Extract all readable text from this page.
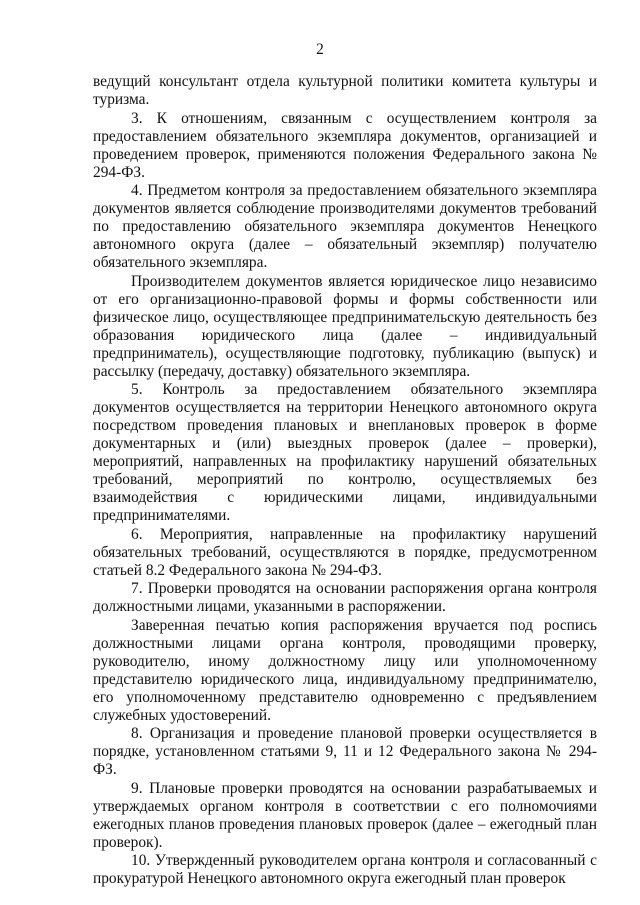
2

ведущий консультант отдела культурной политики комитета культуры и туризма.

3. К отношениям, связанным с осуществлением контроля за предоставлением обязательного экземпляра документов, организацией и проведением проверок, применяются положения Федерального закона № 294-ФЗ.

4. Предметом контроля за предоставлением обязательного экземпляра документов является соблюдение производителями документов требований по предоставлению обязательного экземпляра документов Ненецкого автономного округа (далее – обязательный экземпляр) получателю обязательного экземпляра.

Производителем документов является юридическое лицо независимо от его организационно-правовой формы и формы собственности или физическое лицо, осуществляющее предпринимательскую деятельность без образования юридического лица (далее – индивидуальный предприниматель), осуществляющие подготовку, публикацию (выпуск) и рассылку (передачу, доставку) обязательного экземпляра.

5. Контроль за предоставлением обязательного экземпляра документов осуществляется на территории Ненецкого автономного округа посредством проведения плановых и внеплановых проверок в форме документарных и (или) выездных проверок (далее – проверки), мероприятий, направленных на профилактику нарушений обязательных требований, мероприятий по контролю, осуществляемых без взаимодействия с юридическими лицами, индивидуальными предпринимателями.

6. Мероприятия, направленные на профилактику нарушений обязательных требований, осуществляются в порядке, предусмотренном статьей 8.2 Федерального закона № 294-ФЗ.

7. Проверки проводятся на основании распоряжения органа контроля должностными лицами, указанными в распоряжении.

Заверенная печатью копия распоряжения вручается под роспись должностными лицами органа контроля, проводящими проверку, руководителю, иному должностному лицу или уполномоченному представителю юридического лица, индивидуальному предпринимателю, его уполномоченному представителю одновременно с предъявлением служебных удостоверений.

8. Организация и проведение плановой проверки осуществляется в порядке, установленном статьями 9, 11 и 12 Федерального закона № 294-ФЗ.

9. Плановые проверки проводятся на основании разрабатываемых и утверждаемых органом контроля в соответствии с его полномочиями ежегодных планов проведения плановых проверок (далее – ежегодный план проверок).

10. Утвержденный руководителем органа контроля и согласованный с прокуратурой Ненецкого автономного округа ежегодный план проверок
